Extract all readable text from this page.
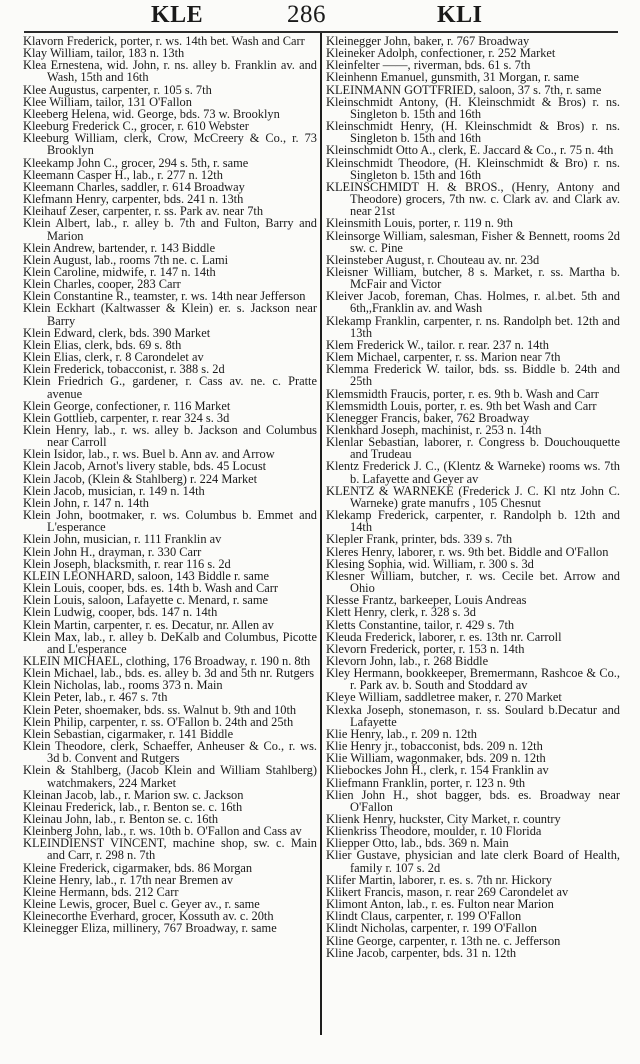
KLE	286	KLI
Klavorn Frederick, porter, r. ws. 14th bet. Wash and Carr
Klay William, tailor, 183 n. 13th
Klea Ernestena, wid. John, r. ns. alley b. Franklin av. and Wash, 15th and 16th
Klee Augustus, carpenter, r. 105 s. 7th
Klee William, tailor, 131 O'Fallon
Kleeberg Helena, wid. George, bds. 73 w. Brooklyn
Kleeburg Frederick C., grocer, r. 610 Webster
Kleeburg William, clerk, Crow, McCreery & Co., r. 73 Brooklyn
Kleekamp John C., grocer, 294 s. 5th, r. same
Kleemann Casper H., lab., r. 277 n. 12th
Kleemann Charles, saddler, r. 614 Broadway
Klefmann Henry, carpenter, bds. 241 n. 13th
Kleihauf Zeser, carpenter, r. ss. Park av. near 7th
Klein Albert, lab., r. alley b. 7th and Fulton, Barry and Marion
Klein Andrew, bartender, r. 143 Biddle
Klein August, lab., rooms 7th ne. c. Lami
Klein Caroline, midwife, r. 147 n. 14th
Klein Charles, cooper, 283 Carr
Klein Constantine R., teamster, r. ws. 14th near Jefferson
Klein Eckhart (Kaltwasser & Klein) er. s. Jackson near Barry
Klein Edward, clerk, bds. 390 Market
Klein Elias, clerk, bds. 69 s. 8th
Klein Elias, clerk, r. 8 Carondelet av
Klein Frederick, tobacconist, r. 388 s. 2d
Klein Friedrich G., gardener, r. Cass av. ne. c. Pratte avenue
Klein George, confectioner, r. 116 Market
Klein Gottlieb, carpenter, r. rear 324 s. 3d
Klein Henry, lab., r. ws. alley b. Jackson and Columbus near Carroll
Klein Isidor, lab., r. ws. Buel b. Ann av. and Arrow
Klein Jacob, Arnot's livery stable, bds. 45 Locust
Klein Jacob, (Klein & Stahlberg) r. 224 Market
Klein Jacob, musician, r. 149 n. 14th
Klein John, r. 147 n. 14th
Klein John, bootmaker, r. ws. Columbus b. Emmet and L'esperance
Klein John, musician, r. 111 Franklin av
Klein John H., drayman, r. 330 Carr
Klein Joseph, blacksmith, r. rear 116 s. 2d
KLEIN LEONHARD, saloon, 143 Biddle r. same
Klein Louis, cooper, bds. es. 14th b. Wash and Carr
Klein Louis, saloon, Lafayette c. Menard, r. same
Klein Ludwig, cooper, bds. 147 n. 14th
Klein Martin, carpenter, r. es. Decatur, nr. Allen av
Klein Max, lab., r. alley b. DeKalb and Columbus, Picotte and L'esperance
KLEIN MICHAEL, clothing, 176 Broadway, r. 190 n. 8th
Klein Michael, lab., bds. es. alley b. 3d and 5th nr. Rutgers
Klein Nicholas, lab., rooms 373 n. Main
Klein Peter, lab., r. 467 s. 7th
Klein Peter, shoemaker, bds. ss. Walnut b. 9th and 10th
Klein Philip, carpenter, r. ss. O'Fallon b. 24th and 25th
Klein Sebastian, cigarmaker, r. 141 Biddle
Klein Theodore, clerk, Schaeffer, Anheuser & Co., r. ws. 3d b. Convent and Rutgers
Klein & Stahlberg, (Jacob Klein and William Stahlberg) watchmakers, 224 Market
Kleinan Jacob, lab., r. Marion sw. c. Jackson
Kleinau Frederick, lab., r. Benton se. c. 16th
Kleinau John, lab., r. Benton se. c. 16th
Kleinberg John, lab., r. ws. 10th b. O'Fallon and Cass av
KLEINDIENST VINCENT, machine shop, sw. c. Main and Carr, r. 298 n. 7th
Kleine Frederick, cigarmaker, bds. 86 Morgan
Kleine Henry, lab., r. 17th near Bremen av
Kleine Hermann, bds. 212 Carr
Kleine Lewis, grocer, Buel c. Geyer av., r. same
Kleinecorthe Everhard, grocer, Kossuth av. c. 20th
Kleinegger Eliza, millinery, 767 Broadway, r. same
Kleinegger John, baker, r. 767 Broadway
Kleineker Adolph, confectioner, r. 252 Market
Kleinfelter ——, riverman, bds. 61 s. 7th
Kleinhenn Emanuel, gunsmith, 31 Morgan, r. same
KLEINMANN GOTTFRIED, saloon, 37 s. 7th, r. same
Kleinschmidt Antony, (H. Kleinschmidt & Bros) r. ns. Singleton b. 15th and 16th
Kleinschmidt Henry, (H. Kleinschmidt & Bros) r. ns. Singleton b. 15th and 16th
Kleinschmidt Otto A., clerk, E. Jaccard & Co., r. 75 n. 4th
Kleinschmidt Theodore, (H. Kleinschmidt & Bro) r. ns. Singleton b. 15th and 16th
KLEINSCHMIDT H. & BROS., (Henry, Antony and Theodore) grocers, 7th nw. c. Clark av. and Clark av. near 21st
Kleinsmith Louis, porter, r. 119 n. 9th
Kleinsorge William, salesman, Fisher & Bennett, rooms 2d sw. c. Pine
Kleinsteber August, r. Chouteau av. nr. 23d
Kleisner William, butcher, 8 s. Market, r. ss. Martha b. McFair and Victor
Kleiver Jacob, foreman, Chas. Holmes, r. al.bet. 5th and 6th,,Franklin av. and Wash
Klekamp Franklin, carpenter, r. ns. Randolph bet. 12th and 13th
Klem Frederick W., tailor. r. rear. 237 n. 14th
Klem Michael, carpenter, r. ss. Marion near 7th
Klemma Frederick W. tailor, bds. ss. Biddle b. 24th and 25th
Klemsmidth Fraucis, porter, r. es. 9th b. Wash and Carr
Klemsmidth Louis, porter, r. es. 9th bet Wash and Carr
Klenegger Francis, baker, 762 Broadway
Klenkhard Joseph, machinist, r. 253 n. 14th
Klenlar Sebastian, laborer, r. Congress b. Douchouquette and Trudeau
Klentz Frederick J. C., (Klentz & Warneke) rooms ws. 7th b. Lafayette and Geyer av
KLENTZ & WARNEKE (Frederick J. C. Kl ntz John C. Warneke) grate manufrs , 105 Chesnut
Klekamp Frederick, carpenter, r. Randolph b. 12th and 14th
Klepler Frank, printer, bds. 339 s. 7th
Kleres Henry, laborer, r. ws. 9th bet. Biddle and O'Fallon
Klesing Sophia, wid. William, r. 300 s. 3d
Klesner William, butcher, r. ws. Cecile bet. Arrow and Ohio
Klesse Frantz, barkeeper, Louis Andreas
Klett Henry, clerk, r. 328 s. 3d
Kletts Constantine, tailor, r. 429 s. 7th
Kleuda Frederick, laborer, r. es. 13th nr. Carroll
Klevorn Frederick, porter, r. 153 n. 14th
Klevorn John, lab., r. 268 Biddle
Kley Hermann, bookkeeper, Bremermann, Rashcoe & Co., r. Park av. b. South and Stoddard av
Kleye William, saddletree maker, r. 270 Market
Klexka Joseph, stonemason, r. ss. Soulard b.Decatur and Lafayette
Klie Henry, lab., r. 209 n. 12th
Klie Henry jr., tobacconist, bds. 209 n. 12th
Klie William, wagonmaker, bds. 209 n. 12th
Kliebockes John H., clerk, r. 154 Franklin av
Kliefmann Franklin, porter, r. 123 n. 9th
Klien John H., shot bagger, bds. es. Broadway near O'Fallon
Klienk Henry, huckster, City Market, r. country
Klienkriss Theodore, moulder, r. 10 Florida
Kliepper Otto, lab., bds. 369 n. Main
Klier Gustave, physician and late clerk Board of Health, family r. 107 s. 2d
Klifer Martin, laborer, r. es. s. 7th nr. Hickory
Klikert Francis, mason, r. rear 269 Carondelet av
Klimont Anton, lab., r. es. Fulton near Marion
Klindt Claus, carpenter, r. 199 O'Fallon
Klindt Nicholas, carpenter, r. 199 O'Fallon
Kline George, carpenter, r. 13th ne. c. Jefferson
Kline Jacob, carpenter, bds. 31 n. 12th
